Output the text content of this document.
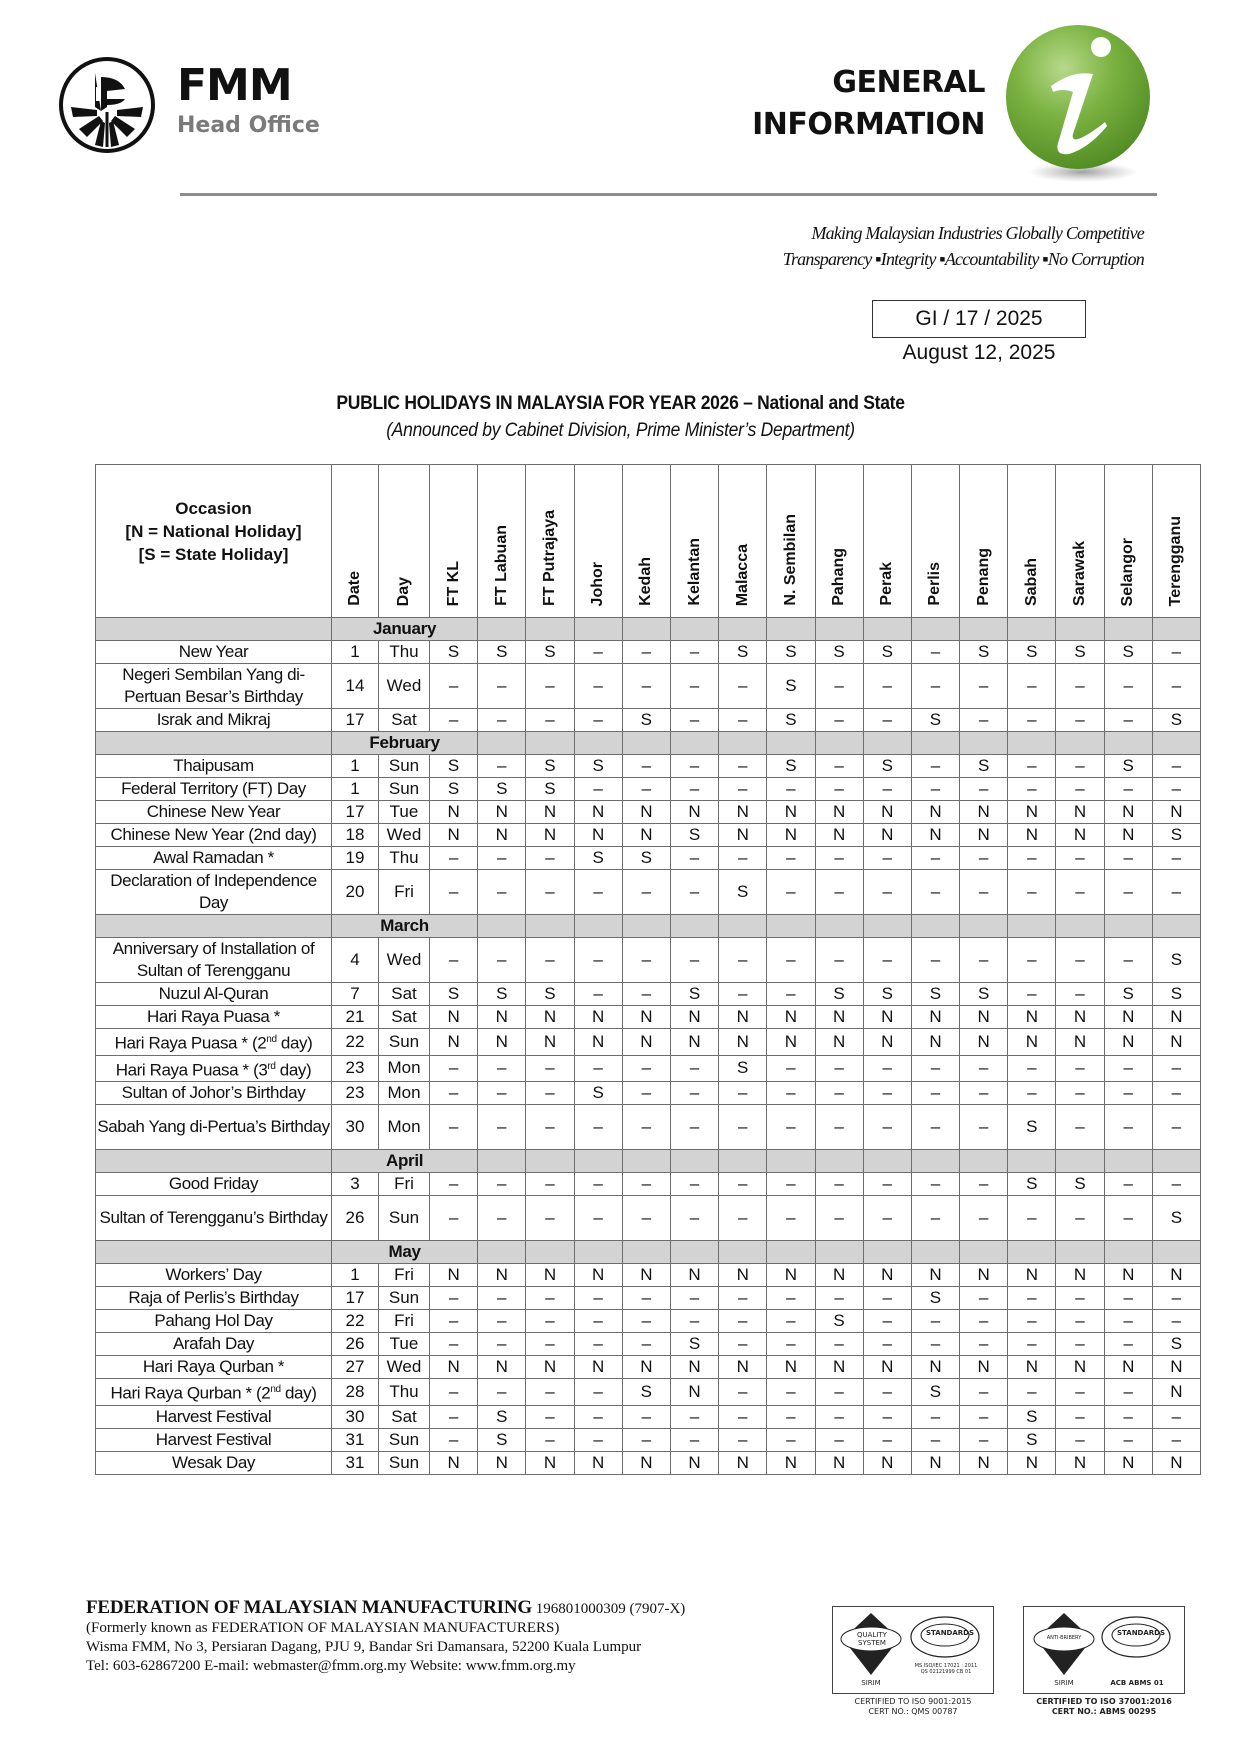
FMM
Head Office
GENERAL
INFORMATION
Making Malaysian Industries Globally Competitive
Transparency ▪Integrity ▪Accountability ▪No Corruption
GI / 17 / 2025
August 12, 2025
PUBLIC HOLIDAYS IN MALAYSIA FOR YEAR 2026 – National and State
(Announced by Cabinet Division, Prime Minister’s Department)
Occasion
[N = National Holiday]
[S = State Holiday]	Date	Day	FT KL	FT Labuan	FT Putrajaya	Johor	Kedah	Kelantan	Malacca	N. Sembilan	Pahang	Perak	Perlis	Penang	Sabah	Sarawak	Selangor	Terengganu
	January																	
New Year	1	Thu	S	S	S	–	–	–	S	S	S	S	–	S	S	S	S	–
Negeri Sembilan Yang di-Pertuan Besar’s Birthday	14	Wed	–	–	–	–	–	–	–	S	–	–	–	–	–	–	–	–
Israk and Mikraj	17	Sat	–	–	–	–	S	–	–	S	–	–	S	–	–	–	–	S
	February																	
Thaipusam	1	Sun	S	–	S	S	–	–	–	S	–	S	–	S	–	–	S	–
Federal Territory (FT) Day	1	Sun	S	S	S	–	–	–	–	–	–	–	–	–	–	–	–	–
Chinese New Year	17	Tue	N	N	N	N	N	N	N	N	N	N	N	N	N	N	N	N
Chinese New Year (2nd day)	18	Wed	N	N	N	N	N	S	N	N	N	N	N	N	N	N	N	S
Awal Ramadan *	19	Thu	–	–	–	S	S	–	–	–	–	–	–	–	–	–	–	–
Declaration of Independence Day	20	Fri	–	–	–	–	–	–	S	–	–	–	–	–	–	–	–	–
	March																	
Anniversary of Installation of Sultan of Terengganu	4	Wed	–	–	–	–	–	–	–	–	–	–	–	–	–	–	–	S
Nuzul Al-Quran	7	Sat	S	S	S	–	–	S	–	–	S	S	S	S	–	–	S	S
Hari Raya Puasa *	21	Sat	N	N	N	N	N	N	N	N	N	N	N	N	N	N	N	N
Hari Raya Puasa * (2nd day)	22	Sun	N	N	N	N	N	N	N	N	N	N	N	N	N	N	N	N
Hari Raya Puasa * (3rd day)	23	Mon	–	–	–	–	–	–	S	–	–	–	–	–	–	–	–	–
Sultan of Johor’s Birthday	23	Mon	–	–	–	S	–	–	–	–	–	–	–	–	–	–	–	–
Sabah Yang di-Pertua’s Birthday	30	Mon	–	–	–	–	–	–	–	–	–	–	–	–	S	–	–	–
	April																	
Good Friday	3	Fri	–	–	–	–	–	–	–	–	–	–	–	–	S	S	–	–
Sultan of Terengganu’s Birthday	26	Sun	–	–	–	–	–	–	–	–	–	–	–	–	–	–	–	S
	May																	
Workers’ Day	1	Fri	N	N	N	N	N	N	N	N	N	N	N	N	N	N	N	N
Raja of Perlis’s Birthday	17	Sun	–	–	–	–	–	–	–	–	–	–	S	–	–	–	–	–
Pahang Hol Day	22	Fri	–	–	–	–	–	–	–	–	S	–	–	–	–	–	–	–
Arafah Day	26	Tue	–	–	–	–	–	S	–	–	–	–	–	–	–	–	–	S
Hari Raya Qurban *	27	Wed	N	N	N	N	N	N	N	N	N	N	N	N	N	N	N	N
Hari Raya Qurban * (2nd day)	28	Thu	–	–	–	–	S	N	–	–	–	–	S	–	–	–	–	N
Harvest Festival	30	Sat	–	S	–	–	–	–	–	–	–	–	–	–	S	–	–	–
Harvest Festival	31	Sun	–	S	–	–	–	–	–	–	–	–	–	–	S	–	–	–
Wesak Day	31	Sun	N	N	N	N	N	N	N	N	N	N	N	N	N	N	N	N
FEDERATION OF MALAYSIAN MANUFACTURING 196801000309 (7907-X)
(Formerly known as FEDERATION OF MALAYSIAN MANUFACTURERS)
Wisma FMM, No 3, Persiaran Dagang, PJU 9, Bandar Sri Damansara, 52200 Kuala Lumpur
Tel: 603-62867200 E-mail: webmaster@fmm.org.my Website: www.fmm.org.my
QUALITY SYSTEM
STANDARDS
MS ISO/IEC 17021 : 2011 QS 02121999 CB 01
SIRIM
ANTI-BRIBERY
STANDARDS
ACB ABMS 01
SIRIM
CERTIFIED TO ISO 9001:2015
CERT NO.: QMS 00787
CERTIFIED TO ISO 37001:2016
CERT NO.: ABMS 00295
